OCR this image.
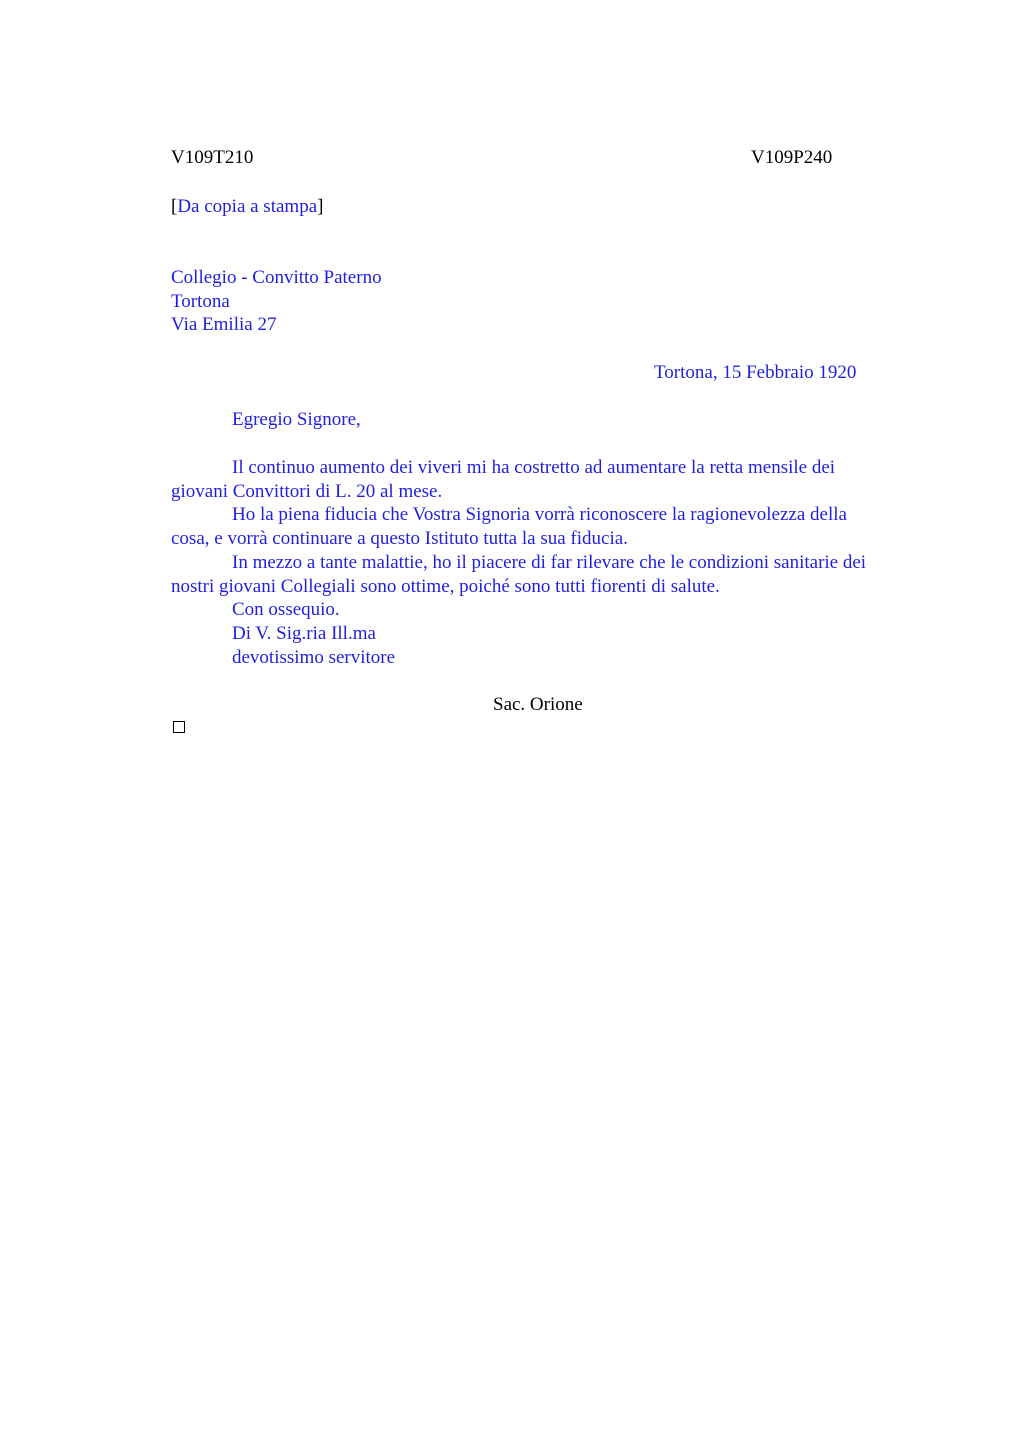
V109T210	V109P240
[Da copia a stampa]
Collegio - Convitto Paterno
Tortona
Via Emilia 27
Tortona, 15 Febbraio 1920
Egregio Signore,
Il continuo aumento dei viveri mi ha costretto ad aumentare la retta mensile dei
giovani Convittori di L. 20 al mese.
Ho la piena fiducia che Vostra Signoria vorrà riconoscere la ragionevolezza della
cosa, e vorrà continuare a questo Istituto tutta la sua fiducia.
In mezzo a tante malattie, ho il piacere di far rilevare che le condizioni sanitarie dei
nostri giovani Collegiali sono ottime, poiché sono tutti fiorenti di salute.
Con ossequio.
Di V. Sig.ria Ill.ma
devotissimo servitore
Sac. Orione
